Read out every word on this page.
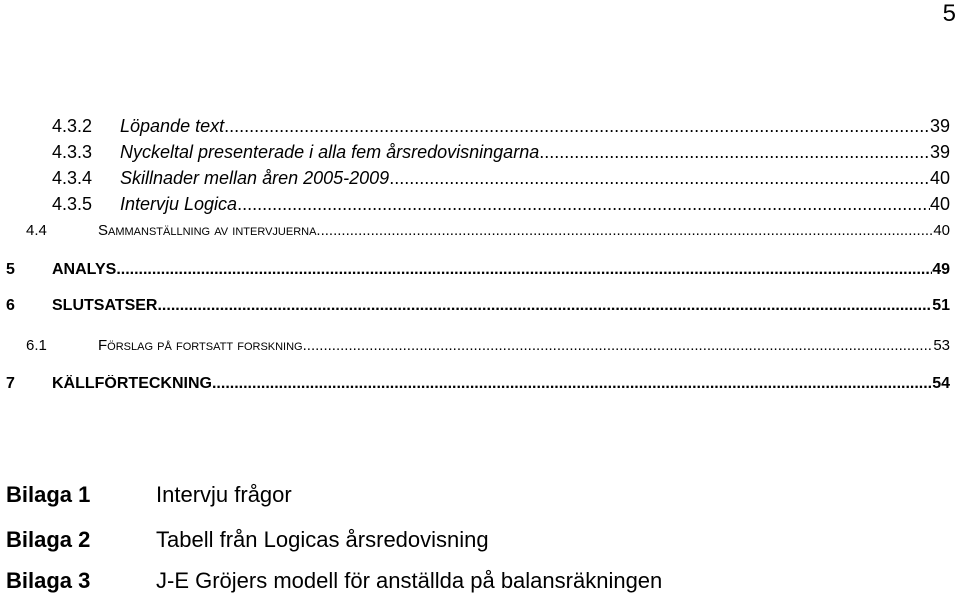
5
4.3.2	Löpande text .....	39
4.3.3	Nyckeltal presenterade i alla fem årsredovisningarna .....	39
4.3.4	Skillnader mellan åren 2005-2009 .....	40
4.3.5	Intervju Logica .....	40
4.4	Sammanställning av intervjuerna .....	40
5	ANALYS .....	49
6	SLUTSATSER .....	51
6.1	Förslag på fortsatt forskning .....	53
7	KÄLLFÖRTECKNING .....	54
Bilaga 1	Intervju frågor
Bilaga 2	Tabell från Logicas årsredovisning
Bilaga 3	J-E Gröjers modell för anställda på balansräkningen
